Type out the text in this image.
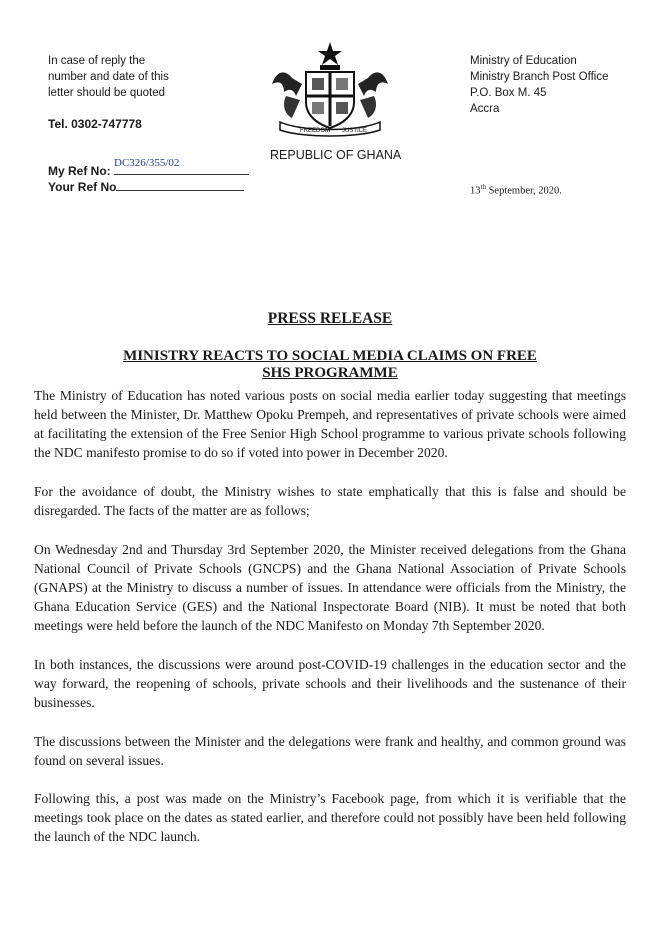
In case of reply the
number and date of this
letter should be quoted
Tel. 0302-747778
My Ref No:
DC326/355/02
Your Ref No
FREEDOM JUSTICE
REPUBLIC OF GHANA
Ministry of Education
Ministry Branch Post Office
P.O. Box M. 45
Accra
13th September, 2020.
PRESS RELEASE
MINISTRY REACTS TO SOCIAL MEDIA CLAIMS ON FREE
SHS PROGRAMME

The Ministry of Education has noted various posts on social media earlier today suggesting that meetings held between the Minister, Dr. Matthew Opoku Prempeh, and representatives of private schools were aimed at facilitating the extension of the Free Senior High School programme to various private schools following the NDC manifesto promise to do so if voted into power in December 2020.

For the avoidance of doubt, the Ministry wishes to state emphatically that this is false and should be disregarded. The facts of the matter are as follows;

On Wednesday 2nd and Thursday 3rd September 2020, the Minister received delegations from the Ghana National Council of Private Schools (GNCPS) and the Ghana National Association of Private Schools (GNAPS) at the Ministry to discuss a number of issues. In attendance were officials from the Ministry, the Ghana Education Service (GES) and the National Inspectorate Board (NIB). It must be noted that both meetings were held before the launch of the NDC Manifesto on Monday 7th September 2020.

In both instances, the discussions were around post-COVID-19 challenges in the education sector and the way forward, the reopening of schools, private schools and their livelihoods and the sustenance of their businesses.

The discussions between the Minister and the delegations were frank and healthy, and common ground was found on several issues.

Following this, a post was made on the Ministry’s Facebook page, from which it is verifiable that the meetings took place on the dates as stated earlier, and therefore could not possibly have been held following the launch of the NDC launch.
